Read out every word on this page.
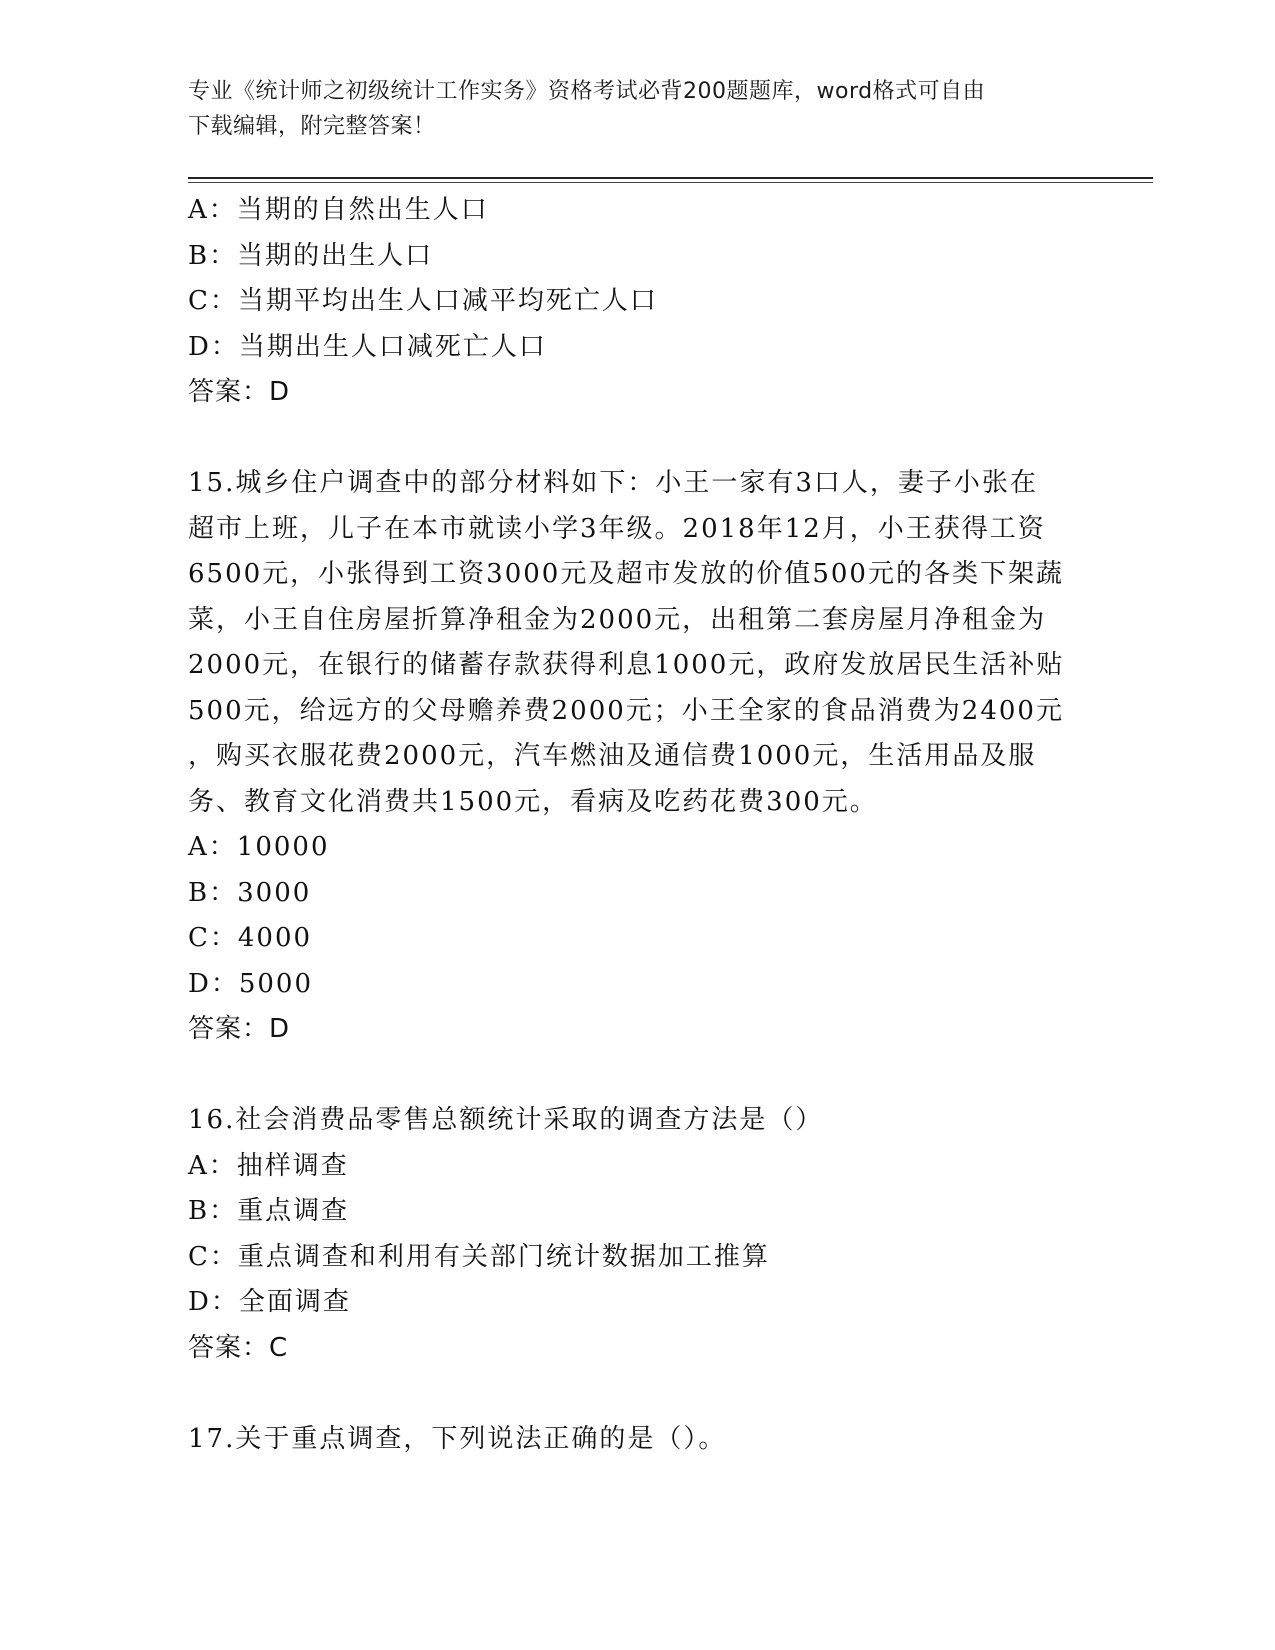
专业《统计师之初级统计工作实务》资格考试必背200题题库，word格式可自由
下载编辑，附完整答案！
A：当期的自然出生人口
B：当期的出生人口
C：当期平均出生人口减平均死亡人口
D：当期出生人口减死亡人口
答案：D
15.城乡住户调查中的部分材料如下：小王一家有3口人，妻子小张在
超市上班，儿子在本市就读小学3年级。2018年12月，小王获得工资
6500元，小张得到工资3000元及超市发放的价值500元的各类下架蔬
菜，小王自住房屋折算净租金为2000元，出租第二套房屋月净租金为
2000元，在银行的储蓄存款获得利息1000元，政府发放居民生活补贴
500元，给远方的父母赡养费2000元；小王全家的食品消费为2400元
，购买衣服花费2000元，汽车燃油及通信费1000元，生活用品及服
务、教育文化消费共1500元，看病及吃药花费300元。
A：10000
B：3000
C：4000
D：5000
答案：D
16.社会消费品零售总额统计采取的调查方法是（）
A：抽样调查
B：重点调查
C：重点调查和利用有关部门统计数据加工推算
D：全面调查
答案：C
17.关于重点调查，下列说法正确的是（）。
